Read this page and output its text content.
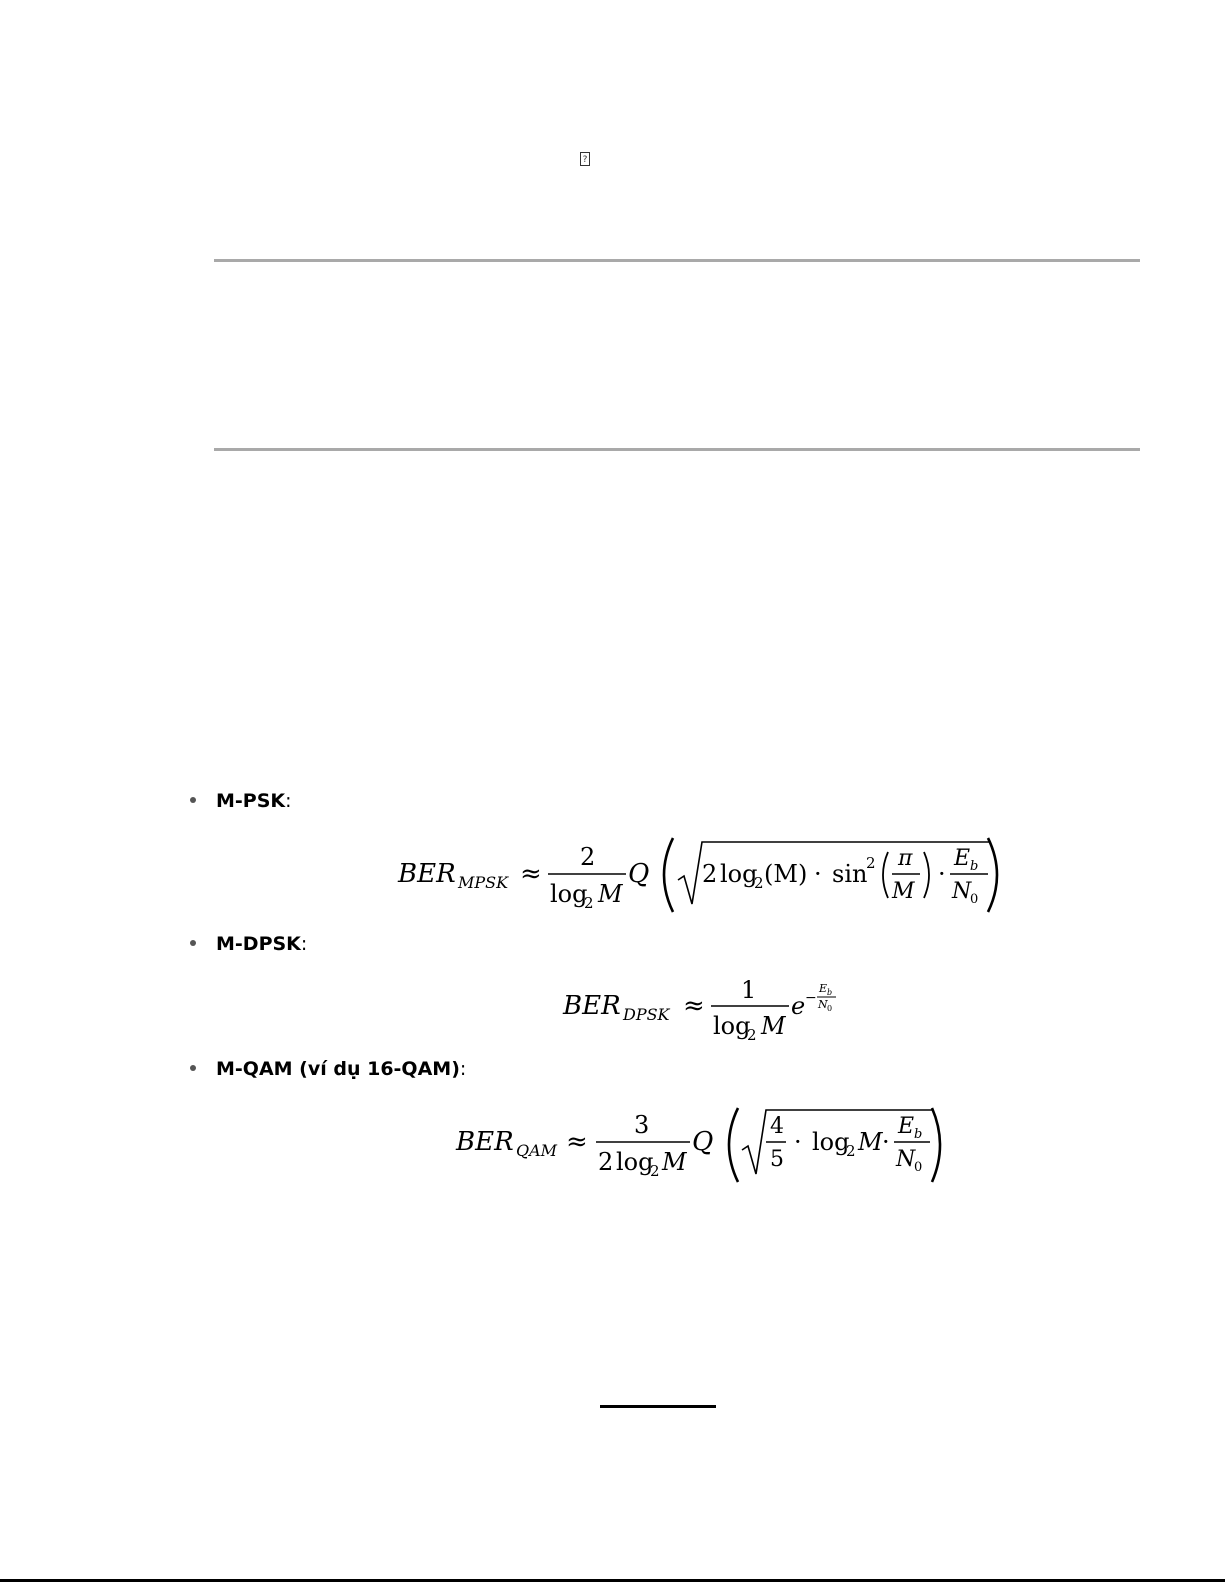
?
M-PSK:
BER MPSK ≈
2
log
2 M
Q 2 log
2 (M) · sin
2 π
M
·
E b
N
0
M-DPSK:
BER DPSK ≈
1
log
2 M
e −
E b
N 0
M-QAM (ví dụ 16-QAM):
BER QAM ≈
3
2 log
2 M
Q
4
5
· log
2 M ·
E b
N
0
